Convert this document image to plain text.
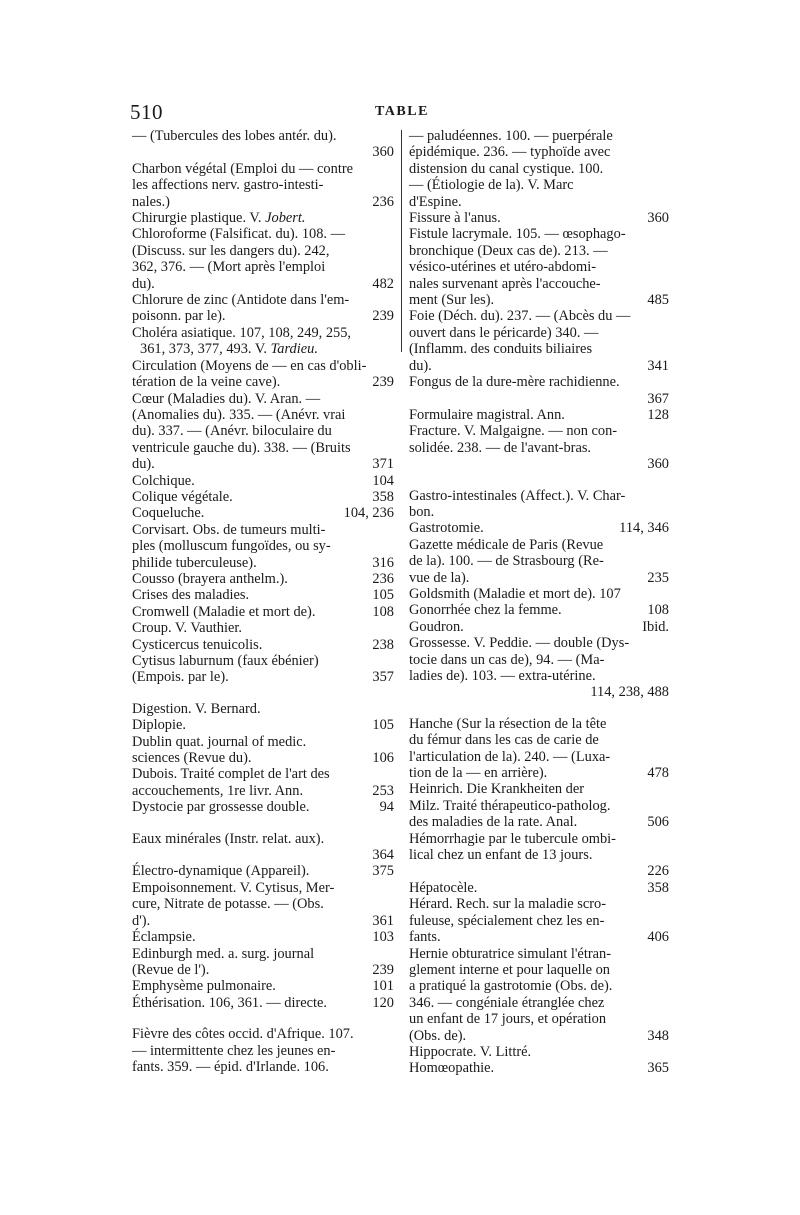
510	TABLE
— (Tubercules des lobes antér. du).
360
Charbon végétal (Emploi du — contre
les affections nerv. gastro-intesti-
nales.)	236
Chirurgie plastique. V. Jobert.
Chloroforme (Falsificat. du). 108. —
(Discuss. sur les dangers du). 242,
362, 376. — (Mort après l'emploi
du).	482
Chlorure de zinc (Antidote dans l'em-
poisonn. par le).	239
Choléra asiatique. 107, 108, 249, 255,
361, 373, 377, 493. V. Tardieu.
Circulation (Moyens de — en cas d'obli-
tération de la veine cave).	239
Cœur (Maladies du). V. Aran. —
(Anomalies du). 335. — (Anévr. vrai
du). 337. — (Anévr. biloculaire du
ventricule gauche du). 338. — (Bruits
du).	371
Colchique.	104
Colique végétale.	358
Coqueluche.	104, 236
Corvisart. Obs. de tumeurs multi-
ples (molluscum fungoïdes, ou sy-
philide tuberculeuse).	316
Cousso (brayera anthelm.).	236
Crises des maladies.	105
Cromwell (Maladie et mort de).	108
Croup. V. Vauthier.
Cysticercus tenuicolis.	238
Cytisus laburnum (faux ébénier)
(Empois. par le).	357
Digestion. V. Bernard.
Diplopie.	105
Dublin quat. journal of medic.
sciences (Revue du).	106
Dubois. Traité complet de l'art des
accouchements, 1re livr. Ann.	253
Dystocie par grossesse double.	94
Eaux minérales (Instr. relat. aux).
364
Électro-dynamique (Appareil).	375
Empoisonnement. V. Cytisus, Mer-
cure, Nitrate de potasse. — (Obs.
d').	361
Éclampsie.	103
Edinburgh med. a. surg. journal
(Revue de l').	239
Emphysème pulmonaire.	101
Éthérisation. 106, 361. — directe.	120
Fièvre des côtes occid. d'Afrique. 107.
— intermittente chez les jeunes en-
fants. 359. — épid. d'Irlande. 106.
— paludéennes. 100. — puerpérale
épidémique. 236. — typhoïde avec
distension du canal cystique. 100.
— (Étiologie de la). V. Marc
d'Espine.
Fissure à l'anus.	360
Fistule lacrymale. 105. — œsophago-
bronchique (Deux cas de). 213. —
vésico-utérines et utéro-abdomi-
nales survenant après l'accouche-
ment (Sur les).	485
Foie (Déch. du). 237. — (Abcès du —
ouvert dans le péricarde) 340. —
(Inflamm. des conduits biliaires
du).	341
Fongus de la dure-mère rachidienne.
367
Formulaire magistral. Ann.	128
Fracture. V. Malgaigne. — non con-
solidée. 238. — de l'avant-bras.
360
Gastro-intestinales (Affect.). V. Char-
bon.
Gastrotomie.	114, 346
Gazette médicale de Paris (Revue
de la). 100. — de Strasbourg (Re-
vue de la).	235
Goldsmith (Maladie et mort de). 107
Gonorrhée chez la femme.	108
Goudron.	Ibid.
Grossesse. V. Peddie. — double (Dys-
tocie dans un cas de), 94. — (Ma-
ladies de). 103. — extra-utérine.
114, 238, 488
Hanche (Sur la résection de la tête
du fémur dans les cas de carie de
l'articulation de la). 240. — (Luxa-
tion de la — en arrière).	478
Heinrich. Die Krankheiten der
Milz. Traité thérapeutico-patholog.
des maladies de la rate. Anal.	506
Hémorrhagie par le tubercule ombi-
lical chez un enfant de 13 jours.
226
Hépatocèle.	358
Hérard. Rech. sur la maladie scro-
fuleuse, spécialement chez les en-
fants.	406
Hernie obturatrice simulant l'étran-
glement interne et pour laquelle on
a pratiqué la gastrotomie (Obs. de).
346. — congéniale étranglée chez
un enfant de 17 jours, et opération
(Obs. de).	348
Hippocrate. V. Littré.
Homœopathie.	365
